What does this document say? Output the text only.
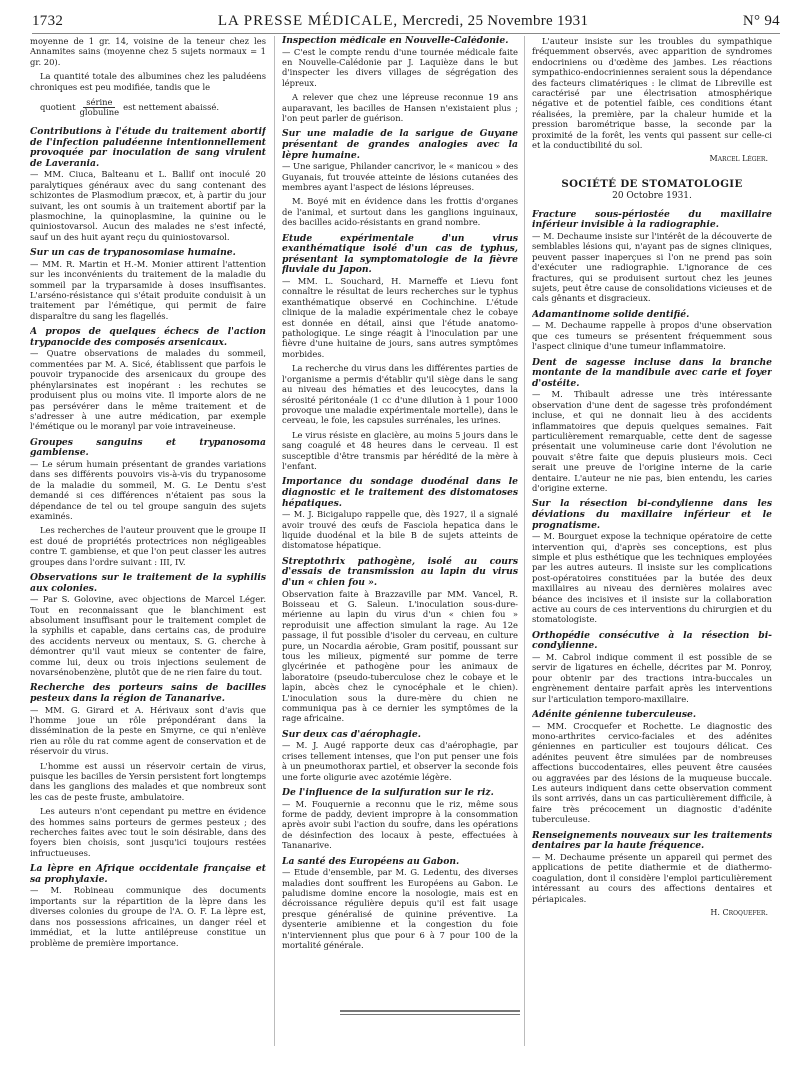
1732	LA PRESSE MÉDICALE, Mercredi, 25 Novembre 1931	N° 94

moyenne de 1 gr. 14, voisine de la teneur chez les Annamites sains (moyenne chez 5 sujets normaux = 1 gr. 20).

La quantité totale des albumines chez les paludéens chroniques est peu modifiée, tandis que le

quotient
sérine
globuline est nettement abaissé.
Contributions à l'étude du traitement abortif de l'infection paludéenne intentionnellement provoquée par inoculation de sang virulent de Laverania.

— MM. Ciuca, Balteanu et L. Ballif ont inoculé 20 paralytiques généraux avec du sang contenant des schizontes de Plasmodium præcox, et, à partir du jour suivant, les ont soumis à un traitement abortif par la plasmochine, la quinoplasmine, la quinine ou le quiniostovarsol. Aucun des malades ne s'est infecté, sauf un des huit ayant reçu du quiniostovarsol.

Sur un cas de trypanosomiase humaine.

— MM. R. Martin et H.-M. Monier attirent l'attention sur les inconvénients du traitement de la maladie du sommeil par la tryparsamide à doses insuffisantes. L'arséno-résistance qui s'était produite conduisit à un traitement par l'émétique, qui permit de faire disparaître du sang les flagellés.

A propos de quelques échecs de l'action trypanocide des composés arsenicaux.

— Quatre observations de malades du sommeil, commentées par M. A. Sicé, établissent que parfois le pouvoir trypanocide des arsenicaux du groupe des phénylarsinates est inopérant : les rechutes se produisent plus ou moins vite. Il importe alors de ne pas persévérer dans le même traitement et de s'adresser à une autre médication, par exemple l'émétique ou le moranyl par voie intraveineuse.

Groupes sanguins et trypanosoma gambiense.

— Le sérum humain présentant de grandes variations dans ses différents pouvoirs vis-à-vis du trypanosome de la maladie du sommeil, M. G. Le Dentu s'est demandé si ces différences n'étaient pas sous la dépendance de tel ou tel groupe sanguin des sujets examinés.

Les recherches de l'auteur prouvent que le groupe II est doué de propriétés protectrices non négligeables contre T. gambiense, et que l'on peut classer les autres groupes dans l'ordre suivant : III, IV.

Observations sur le traitement de la syphilis aux colonies.

— Par S. Golovine, avec objections de Marcel Léger. Tout en reconnaissant que le blanchiment est absolument insuffisant pour le traitement complet de la syphilis et capable, dans certains cas, de produire des accidents nerveux ou mentaux, S. G. cherche à démontrer qu'il vaut mieux se contenter de faire, comme lui, deux ou trois injections seulement de novarsénobenzène, plutôt que de ne rien faire du tout.

Recherche des porteurs sains de bacilles pesteux dans la région de Tananarive.

— MM. G. Girard et A. Hérivaux sont d'avis que l'homme joue un rôle prépondérant dans la dissémination de la peste en Smyrne, ce qui n'enlève rien au rôle du rat comme agent de conservation et de réservoir du virus.

L'homme est aussi un réservoir certain de virus, puisque les bacilles de Yersin persistent fort longtemps dans les ganglions des malades et que nombreux sont les cas de peste fruste, ambulatoire.

Les auteurs n'ont cependant pu mettre en évidence des hommes sains porteurs de germes pesteux ; des recherches faites avec tout le soin désirable, dans des foyers bien choisis, sont jusqu'ici toujours restées infructueuses.

La lèpre en Afrique occidentale française et sa prophylaxie.

— M. Robineau communique des documents importants sur la répartition de la lèpre dans les diverses colonies du groupe de l'A. O. F. La lèpre est, dans nos possessions africaines, un danger réel et immédiat, et la lutte antilépreuse constitue un problème de première importance.

Inspection médicale en Nouvelle-Calédonie.

— C'est le compte rendu d'une tournée médicale faite en Nouvelle-Calédonie par J. Laquièze dans le but d'inspecter les divers villages de ségrégation des lépreux.

A relever que chez une lépreuse reconnue 19 ans auparavant, les bacilles de Hansen n'existaient plus ; l'on peut parler de guérison.

Sur une maladie de la sarigue de Guyane présentant de grandes analogies avec la lèpre humaine.

— Une sarigue, Philander cancrivor, le « manicou » des Guyanais, fut trouvée atteinte de lésions cutanées des membres ayant l'aspect de lésions lépreuses.

M. Boyé mit en évidence dans les frottis d'organes de l'animal, et surtout dans les ganglions inguinaux, des bacilles acido-résistants en grand nombre.

Etude expérimentale d'un virus exanthématique isolé d'un cas de typhus, présentant la symptomatologie de la fièvre fluviale du Japon.

— MM. L. Souchard, H. Marneffe et Lievu font connaître le résultat de leurs recherches sur le typhus exanthématique observé en Cochinchine. L'étude clinique de la maladie expérimentale chez le cobaye est donnée en détail, ainsi que l'étude anatomo-pathologique. Le singe réagit à l'inoculation par une fièvre d'une huitaine de jours, sans autres symptômes morbides.

La recherche du virus dans les différentes parties de l'organisme a permis d'établir qu'il siège dans le sang au niveau des hématies et des leucocytes, dans la sérosité péritonéale (1 cc d'une dilution à 1 pour 1000 provoque une maladie expérimentale mortelle), dans le cerveau, le foie, les capsules surrénales, les urines.

Le virus résiste en glacière, au moins 5 jours dans le sang coagulé et 48 heures dans le cerveau. Il est susceptible d'être transmis par hérédité de la mère à l'enfant.

Importance du sondage duodénal dans le diagnostic et le traitement des distomatoses hépatiques.

— M. J. Bicigalupo rappelle que, dès 1927, il a signalé avoir trouvé des œufs de Fasciola hepatica dans le liquide duodénal et la bile B de sujets atteints de distomatose hépatique.

Streptothrix pathogène, isolé au cours d'essais de transmission au lapin du virus d'un « chien fou ».

Observation faite à Brazzaville par MM. Vancel, R. Boisseau et G. Saleun. L'inoculation sous-dure-mérienne au lapin du virus d'un « chien fou » reproduisit une affection simulant la rage. Au 12e passage, il fut possible d'isoler du cerveau, en culture pure, un Nocardia aérobie, Gram positif, poussant sur tous les milieux, pigmenté sur pomme de terre glycérinée et pathogène pour les animaux de laboratoire (pseudo-tuberculose chez le cobaye et le lapin, abcès chez le cynocéphale et le chien). L'inoculation sous la dure-mère du chien ne communiqua pas à ce dernier les symptômes de la rage africaine.

Sur deux cas d'aérophagie.

— M. J. Augé rapporte deux cas d'aérophagie, par crises tellement intenses, que l'on put penser une fois à un pneumothorax partiel, et observer la seconde fois une forte oligurie avec azotémie légère.

De l'influence de la sulfuration sur le riz.

— M. Fouquernie a reconnu que le riz, même sous forme de paddy, devient impropre à la consommation après avoir subi l'action du soufre, dans les opérations de désinfection des locaux à peste, effectuées à Tananarive.

La santé des Européens au Gabon.

— Etude d'ensemble, par M. G. Ledentu, des diverses maladies dont souffrent les Européens au Gabon. Le paludisme domine encore la nosologie, mais est en décroissance régulière depuis qu'il est fait usage presque généralisé de quinine préventive. La dysenterie amibienne et la congestion du foie n'interviennent plus que pour 6 à 7 pour 100 de la mortalité générale.

L'auteur insiste sur les troubles du sympathique fréquemment observés, avec apparition de syndromes endocriniens ou d'œdème des jambes. Les réactions sympathico-endocriniennes seraient sous la dépendance des facteurs climatériques : le climat de Libreville est caractérisé par une électrisation atmosphérique négative et de potentiel faible, ces conditions étant réalisées, la première, par la chaleur humide et la pression barométrique basse, la seconde par la proximité de la forêt, les vents qui passent sur celle-ci et la conductibilité du sol.

Marcel Léger.

SOCIÉTÉ DE STOMATOLOGIE

20 Octobre 1931.

Fracture sous-périostée du maxillaire inférieur invisible à la radiographie.

— M. Dechaume insiste sur l'intérêt de la découverte de semblables lésions qui, n'ayant pas de signes cliniques, peuvent passer inaperçues si l'on ne prend pas soin d'exécuter une radiographie. L'ignorance de ces fractures, qui se produisent surtout chez les jeunes sujets, peut être cause de consolidations vicieuses et de cals gênants et disgracieux.

Adamantinome solide dentifié.

— M. Dechaume rappelle à propos d'une observation que ces tumeurs se présentent fréquemment sous l'aspect clinique d'une tumeur inflammatoire.

Dent de sagesse incluse dans la branche montante de la mandibule avec carie et foyer d'ostéite.

— M. Thibault adresse une très intéressante observation d'une dent de sagesse très profondément incluse, et qui ne donnait lieu à des accidents inflammatoires que depuis quelques semaines. Fait particulièrement remarquable, cette dent de sagesse présentait une volumineuse carie dont l'évolution ne pouvait s'être faite que depuis plusieurs mois. Ceci serait une preuve de l'origine interne de la carie dentaire. L'auteur ne nie pas, bien entendu, les caries d'origine externe.

Sur la résection bi-condylienne dans les déviations du maxillaire inférieur et le prognatisme.

— M. Bourguet expose la technique opératoire de cette intervention qui, d'après ses conceptions, est plus simple et plus esthétique que les techniques employées par les autres auteurs. Il insiste sur les complications post-opératoires constituées par la butée des deux maxillaires au niveau des dernières molaires avec béance des incisives et il insiste sur la collaboration active au cours de ces interventions du chirurgien et du stomatologiste.

Orthopédie consécutive à la résection bi-condylienne.

— M. Cabrol indique comment il est possible de se servir de ligatures en échelle, décrites par M. Ponroy, pour obtenir par des tractions intra-buccales un engrènement dentaire parfait après les interventions sur l'articulation temporo-maxillaire.

Adénite génienne tuberculeuse.

— MM. Crocquefer et Rochette. Le diagnostic des mono-arthrites cervico-faciales et des adénites géniennes en particulier est toujours délicat. Ces adénites peuvent être simulées par de nombreuses affections buccodentaires, elles peuvent être causées ou aggravées par des lésions de la muqueuse buccale. Les auteurs indiquent dans cette observation comment ils sont arrivés, dans un cas particulièrement difficile, à faire très précocement un diagnostic d'adénite tuberculeuse.

Renseignements nouveaux sur les traitements dentaires par la haute fréquence.

— M. Dechaume présente un appareil qui permet des applications de petite diathermie et de diathermo-coagulation, dont il considère l'emploi particulièrement intéressant au cours des affections dentaires et périapicales.

H. Croquefer.
